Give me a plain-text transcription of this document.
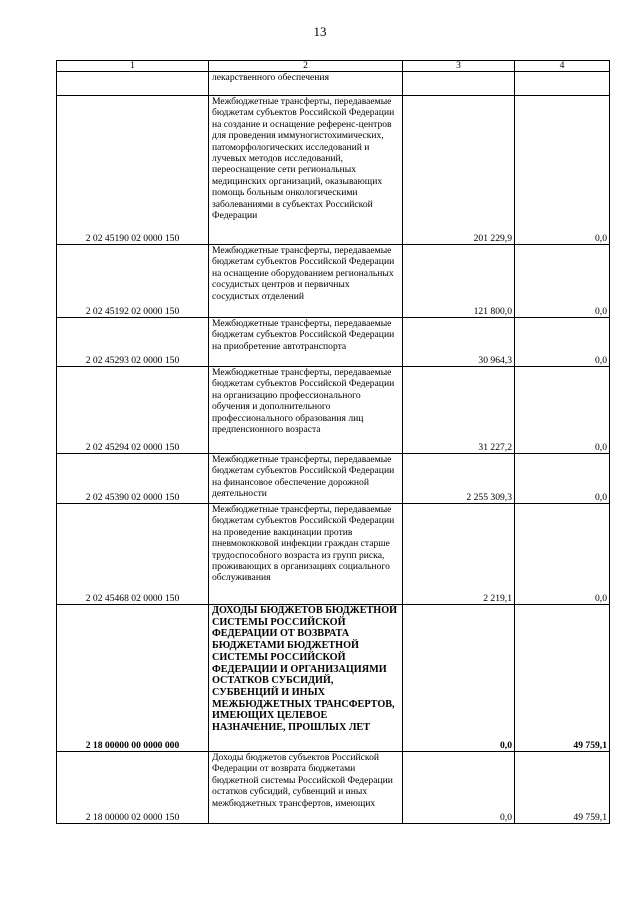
13
1	2	3	4
	лекарственного обеспечения		
2 02 45190 02 0000 150	Межбюджетные трансферты, передаваемые бюджетам субъектов Российской Федерации на создание и оснащение референс-центров для проведения иммуногистохимических, патоморфологических исследований и лучевых методов исследований, переоснащение сети региональных медицинских организаций, оказывающих помощь больным онкологическими заболеваниями в субъектах Российской Федерации	201 229,9	0,0
2 02 45192 02 0000 150	Межбюджетные трансферты, передаваемые бюджетам субъектов Российской Федерации на оснащение оборудованием региональных сосудистых центров и первичных сосудистых отделений	121 800,0	0,0
2 02 45293 02 0000 150	Межбюджетные трансферты, передаваемые бюджетам субъектов Российской Федерации на приобретение автотранспорта	30 964,3	0,0
2 02 45294 02 0000 150	Межбюджетные трансферты, передаваемые бюджетам субъектов Российской Федерации на организацию профессионального обучения и дополнительного профессионального образования лиц предпенсионного возраста	31 227,2	0,0
2 02 45390 02 0000 150	Межбюджетные трансферты, передаваемые бюджетам субъектов Российской Федерации на финансовое обеспечение дорожной деятельности	2 255 309,3	0,0
2 02 45468 02 0000 150	Межбюджетные трансферты, передаваемые бюджетам субъектов Российской Федерации на проведение вакцинации против пневмококковой инфекции граждан старше трудоспособного возраста из групп риска, проживающих в организациях социального обслуживания	2 219,1	0,0
2 18 00000 00 0000 000	ДОХОДЫ БЮДЖЕТОВ БЮДЖЕТНОЙ СИСТЕМЫ РОССИЙСКОЙ ФЕДЕРАЦИИ ОТ ВОЗВРАТА БЮДЖЕТАМИ БЮДЖЕТНОЙ СИСТЕМЫ РОССИЙСКОЙ ФЕДЕРАЦИИ И ОРГАНИЗАЦИЯМИ ОСТАТКОВ СУБСИДИЙ, СУБВЕНЦИЙ И ИНЫХ МЕЖБЮДЖЕТНЫХ ТРАНСФЕРТОВ, ИМЕЮЩИХ ЦЕЛЕВОЕ НАЗНАЧЕНИЕ, ПРОШЛЫХ ЛЕТ	0,0	49 759,1
2 18 00000 02 0000 150	Доходы бюджетов субъектов Российской Федерации от возврата бюджетами бюджетной системы Российской Федерации остатков субсидий, субвенций и иных межбюджетных трансфертов, имеющих	0,0	49 759,1
